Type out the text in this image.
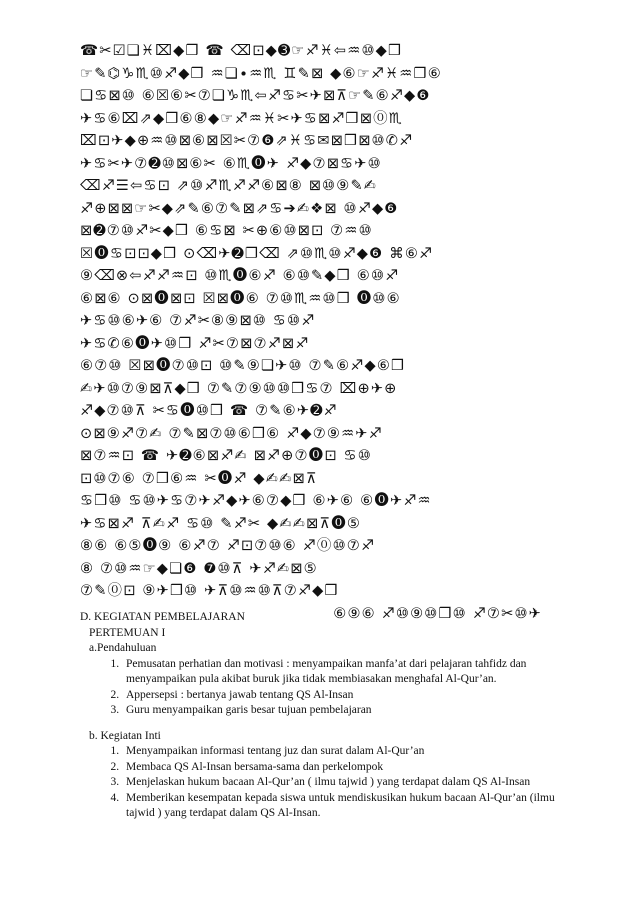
☎✂☑❏♓⌧◆❒ ☎ ⌫⊡◆➌☞♐♓⇦♒⑩◆❒
☞✎⌬♑♏⑩♐◆❒ ♒❏∙♒♏ ♊✎⊠ ◆⑥☞♐♓♒❒⑥
❏♋⊠⑩ ⑥☒⑥✂⑦❏♑♏⇦♐♋✂✈⊠⊼☞✎⑥♐◆❻
✈♋⑥⌧⇗◆❒⑥⑧◆☞♐♒♓✂✈♋⊠♐❒⊠⓪♏
⌧⊡✈◆⊕♒⑩⊠⑥⊠☒✂⑦❻⇗♓♋✉⊠❒⊠⑩✆♐
✈♋✂✈⑦➋⑩⊠⑥✂ ⑥♏⓿✈ ♐◆⑦⊠♋✈⑩
⌫♐☰⇦♋⊡ ⇗⑩♐♏♐♐⑥⊠⑧ ⊠⑩⑨✎✍
♐⊕⊠⊠☞✂◆⇗✎⑥⑦✎⊠⇗♋➔✍❖⊠ ⑩♐◆❻
⊠➋⑦⑩♐✂◆❒ ⑥♋⊠ ✂⊕⑥⑩⊠⊡ ⑦♒⑩
☒⓿♋⊡⊡◆❒ ⊙⌫✈➋❐⌫ ⇗⑩♏⑩♐◆❻ ⌘⑥♐
⑨⌫⊗⇦♐♐♒⊡ ⑩♏⓿⑥♐ ⑥⑩✎◆❒ ⑥⑩♐
⑥⊠⑥ ⊙⊠⓿⊠⊡ ☒⊠⓿⑥ ⑦⑩♏♒⑩❒ ⓿⑩⑥
✈♋⑩⑥✈⑥ ⑦♐✂⑧⑨⊠⑩ ♋⑩♐
✈♋✆⑥⓿✈⑩❒ ♐✂⑦⊠⑦♐⊠♐
⑥⑦⑩ ☒⊠⓿⑦⑩⊡ ⑩✎⑨❏✈⑩ ⑦✎⑥♐◆⑥❒
✍✈⑩⑦⑨⊠⊼◆❒ ⑦✎⑦⑨⑩⑩❒♋⑦ ⌧⊕✈⊕
♐◆⑦⑩⊼ ✂♋⓿⑩❒ ☎ ⑦✎⑥✈➋♐
⊙⊠⑨♐⑦✍ ⑦✎⊠⑦⑩⑥❒⑥ ♐◆⑦⑨♒✈♐
⊠⑦♒⊡ ☎ ✈➋⑥⊠♐✍ ⊠♐⊕⑦⓿⊡ ♋⑩
⊡⑩⑦⑥ ⑦❒⑥♒ ✂⓿♐ ◆✍✍⊠⊼
♋❒⑩ ♋⑩✈♋⑦✈♐◆✈⑥⑦◆❒ ⑥✈⑥ ⑥⓿✈♐♒
✈♋⊠♐ ⊼✍♐ ♋⑩ ✎♐✂ ◆✍✍⊠⊼⓿⑤
⑧⑥ ⑥⑤⓿⑨ ⑥♐⑦ ♐⊡⑦⑩⑥ ♐⓪⑩⑦♐
⑧ ⑦⑩♒☞◆❏❻ ❼⑩⊼ ✈♐✍⊠⑤
⑦✎⓪⊡ ⑨✈❒⑩ ✈⊼⑩♒⑩⊼⑦♐◆❒
⑥⑨⑥ ♐⑩⑨⑩❒⑩ ♐⑦✂⑩✈

D. KEGIATAN PEMBELAJARAN

PERTEMUAN I

a.Pendahuluan

1. Pemusatan perhatian dan motivasi : menyampaikan manfa’at dari pelajaran tahfidz dan menyampaikan pula akibat buruk jika tidak membiasakan menghafal Al-Qur’an.
2. Appersepsi : bertanya jawab tentang QS Al-Insan
3. Guru menyampaikan garis besar tujuan pembelajaran

b. Kegiatan Inti

1. Menyampaikan informasi tentang juz dan surat dalam Al-Qur’an
2. Membaca QS Al-Insan bersama-sama dan perkelompok
3. Menjelaskan hukum bacaan Al-Qur’an ( ilmu tajwid ) yang terdapat dalam QS Al-Insan
4. Memberikan kesempatan kepada siswa untuk mendiskusikan hukum bacaan Al-Qur’an (ilmu tajwid ) yang terdapat dalam QS Al-Insan.
